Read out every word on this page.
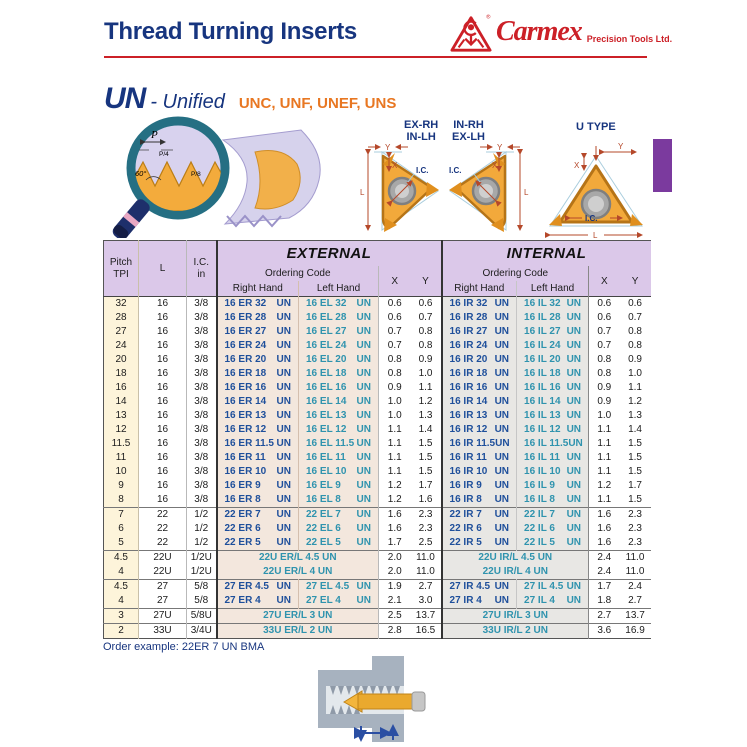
Thread Turning Inserts
® Carmex Precision Tools Ltd.
UN - Unified UNC, UNF, UNEF, UNS
P
P/4
P/8
60°
EX-RH
IN-LH
IN-RH
EX-LH
U TYPE
I.C.
Y
X
L
I.C.
Y
X
L
Y
X
I.C.
L
Pitch
TPI	L	I.C.
in	EXTERNAL				INTERNAL			
			Ordering Code		X	Y	Ordering Code		X	Y
			Right Hand	Left Hand			Right Hand	Left Hand		
32	16	3/8	16 ER 32 UN	16 EL 32 UN	0.6	0.6	16 IR 32 UN	16 IL 32 UN	0.6	0.6
28	16	3/8	16 ER 28 UN	16 EL 28 UN	0.6	0.7	16 IR 28 UN	16 IL 28 UN	0.6	0.7
27	16	3/8	16 ER 27 UN	16 EL 27 UN	0.7	0.8	16 IR 27 UN	16 IL 27 UN	0.7	0.8
24	16	3/8	16 ER 24 UN	16 EL 24 UN	0.7	0.8	16 IR 24 UN	16 IL 24 UN	0.7	0.8
20	16	3/8	16 ER 20 UN	16 EL 20 UN	0.8	0.9	16 IR 20 UN	16 IL 20 UN	0.8	0.9
18	16	3/8	16 ER 18 UN	16 EL 18 UN	0.8	1.0	16 IR 18 UN	16 IL 18 UN	0.8	1.0
16	16	3/8	16 ER 16 UN	16 EL 16 UN	0.9	1.1	16 IR 16 UN	16 IL 16 UN	0.9	1.1
14	16	3/8	16 ER 14 UN	16 EL 14 UN	1.0	1.2	16 IR 14 UN	16 IL 14 UN	0.9	1.2
13	16	3/8	16 ER 13 UN	16 EL 13 UN	1.0	1.3	16 IR 13 UN	16 IL 13 UN	1.0	1.3
12	16	3/8	16 ER 12 UN	16 EL 12 UN	1.1	1.4	16 IR 12 UN	16 IL 12 UN	1.1	1.4
11.5	16	3/8	16 ER 11.5 UN	16 EL 11.5 UN	1.1	1.5	16 IR 11.5 UN	16 IL 11.5 UN	1.1	1.5
11	16	3/8	16 ER 11 UN	16 EL 11 UN	1.1	1.5	16 IR 11 UN	16 IL 11 UN	1.1	1.5
10	16	3/8	16 ER 10 UN	16 EL 10 UN	1.1	1.5	16 IR 10 UN	16 IL 10 UN	1.1	1.5
9	16	3/8	16 ER 9 UN	16 EL 9 UN	1.2	1.7	16 IR 9 UN	16 IL 9 UN	1.2	1.7
8	16	3/8	16 ER 8 UN	16 EL 8 UN	1.2	1.6	16 IR 8 UN	16 IL 8 UN	1.1	1.5
7	22	1/2	22 ER 7 UN	22 EL 7 UN	1.6	2.3	22 IR 7 UN	22 IL 7 UN	1.6	2.3
6	22	1/2	22 ER 6 UN	22 EL 6 UN	1.6	2.3	22 IR 6 UN	22 IL 6 UN	1.6	2.3
5	22	1/2	22 ER 5 UN	22 EL 5 UN	1.7	2.5	22 IR 5 UN	22 IL 5 UN	1.6	2.3
4.5	22U	1/2U	22U ER/L 4.5 UN		2.0	11.0	22U IR/L 4.5 UN		2.4	11.0
4	22U	1/2U	22U ER/L 4 UN		2.0	11.0	22U IR/L 4 UN		2.4	11.0
4.5	27	5/8	27 ER 4.5 UN	27 EL 4.5 UN	1.9	2.7	27 IR 4.5 UN	27 IL 4.5 UN	1.7	2.4
4	27	5/8	27 ER 4 UN	27 EL 4 UN	2.1	3.0	27 IR 4 UN	27 IL 4 UN	1.8	2.7
3	27U	5/8U	27U ER/L 3 UN		2.5	13.7	27U IR/L 3 UN		2.7	13.7
2	33U	3/4U	33U ER/L 2 UN		2.8	16.5	33U IR/L 2 UN		3.6	16.9
Order example: 22ER 7 UN BMA
